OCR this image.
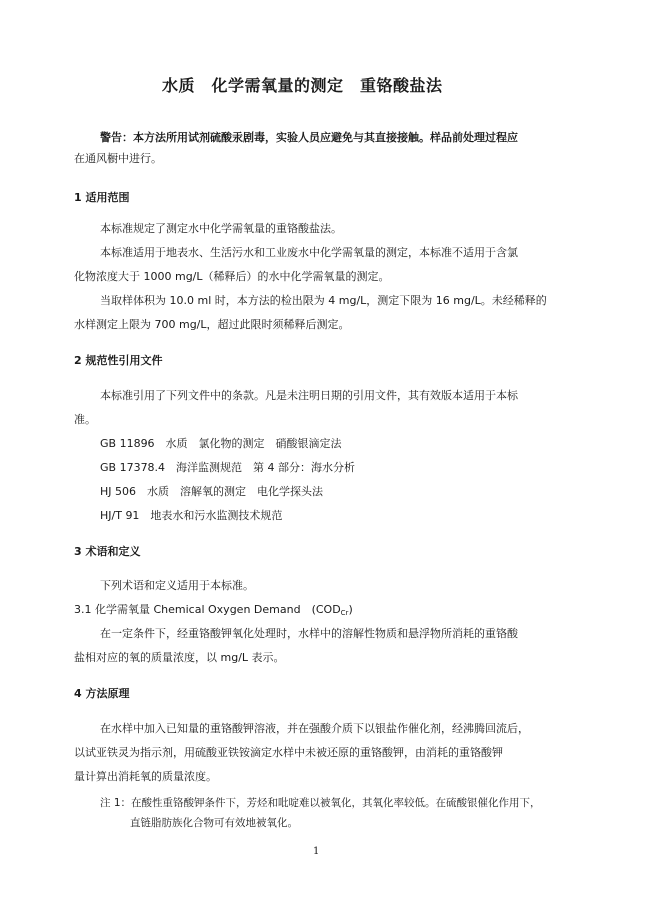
水质　化学需氧量的测定　重铬酸盐法
警告：本方法所用试剂硫酸汞剧毒，实验人员应避免与其直接接触。样品前处理过程应
在通风橱中进行。
1 适用范围
本标准规定了测定水中化学需氧量的重铬酸盐法。
本标准适用于地表水、生活污水和工业废水中化学需氧量的测定，本标准不适用于含氯
化物浓度大于 1000 mg/L（稀释后）的水中化学需氧量的测定。
当取样体积为 10.0 ml 时，本方法的检出限为 4 mg/L，测定下限为 16 mg/L。未经稀释的
水样测定上限为 700 mg/L，超过此限时须稀释后测定。
2 规范性引用文件
本标准引用了下列文件中的条款。凡是未注明日期的引用文件，其有效版本适用于本标
准。
GB 11896　水质　氯化物的测定　硝酸银滴定法
GB 17378.4　海洋监测规范　第 4 部分：海水分析
HJ 506　水质　溶解氧的测定　电化学探头法
HJ/T 91　地表水和污水监测技术规范
3 术语和定义
下列术语和定义适用于本标准。
3.1 化学需氧量 Chemical Oxygen Demand　$(COD_{Cr})$
在一定条件下，经重铬酸钾氧化处理时，水样中的溶解性物质和悬浮物所消耗的重铬酸
盐相对应的氧的质量浓度，以 mg/L 表示。
4 方法原理
在水样中加入已知量的重铬酸钾溶液，并在强酸介质下以银盐作催化剂，经沸腾回流后，
以试亚铁灵为指示剂，用硫酸亚铁铵滴定水样中未被还原的重铬酸钾，由消耗的重铬酸钾
量计算出消耗氧的质量浓度。
注 1：在酸性重铬酸钾条件下，芳烃和吡啶难以被氧化，其氧化率较低。在硫酸银催化作用下，
直链脂肪族化合物可有效地被氧化。
1
